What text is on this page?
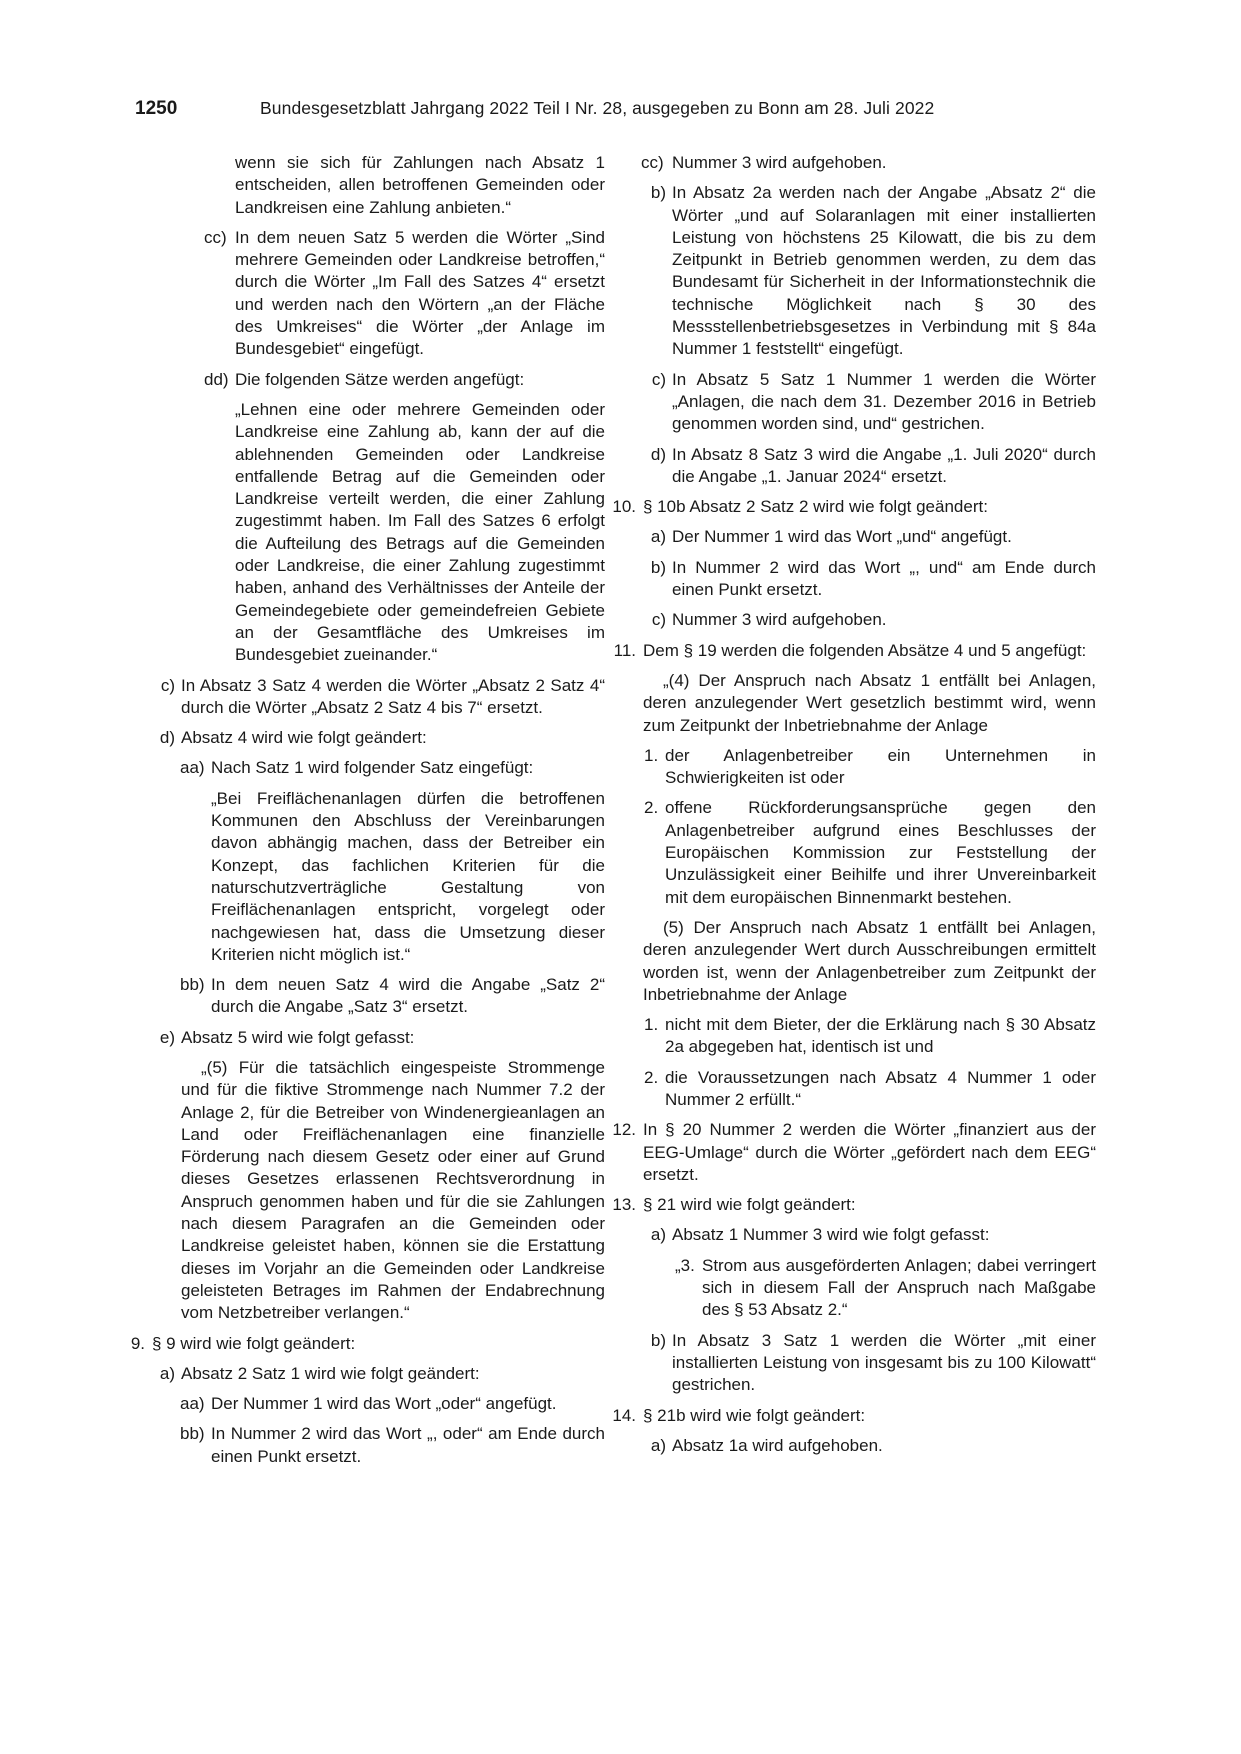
1250	Bundesgesetzblatt Jahrgang 2022 Teil I Nr. 28, ausgegeben zu Bonn am 28. Juli 2022
wenn sie sich für Zahlungen nach Absatz 1 entscheiden, allen betroffenen Gemeinden oder Landkreisen eine Zahlung anbieten.“
cc) In dem neuen Satz 5 werden die Wörter „Sind mehrere Gemeinden oder Landkreise betroffen,“ durch die Wörter „Im Fall des Satzes 4“ ersetzt und werden nach den Wörtern „an der Fläche des Umkreises“ die Wörter „der Anlage im Bundesgebiet“ eingefügt.
dd) Die folgenden Sätze werden angefügt:
„Lehnen eine oder mehrere Gemeinden oder Landkreise eine Zahlung ab, kann der auf die ablehnenden Gemeinden oder Landkreise entfallende Betrag auf die Gemeinden oder Landkreise verteilt werden, die einer Zahlung zugestimmt haben. Im Fall des Satzes 6 erfolgt die Aufteilung des Betrags auf die Gemeinden oder Landkreise, die einer Zahlung zugestimmt haben, anhand des Verhältnisses der Anteile der Gemeindegebiete oder gemeindefreien Gebiete an der Gesamtfläche des Umkreises im Bundesgebiet zueinander.“
c) In Absatz 3 Satz 4 werden die Wörter „Absatz 2 Satz 4“ durch die Wörter „Absatz 2 Satz 4 bis 7“ ersetzt.
d) Absatz 4 wird wie folgt geändert:
aa) Nach Satz 1 wird folgender Satz eingefügt:
„Bei Freiflächenanlagen dürfen die betroffenen Kommunen den Abschluss der Vereinbarungen davon abhängig machen, dass der Betreiber ein Konzept, das fachlichen Kriterien für die naturschutzverträgliche Gestaltung von Freiflächenanlagen entspricht, vorgelegt oder nachgewiesen hat, dass die Umsetzung dieser Kriterien nicht möglich ist.“
bb) In dem neuen Satz 4 wird die Angabe „Satz 2“ durch die Angabe „Satz 3“ ersetzt.
e) Absatz 5 wird wie folgt gefasst:
„(5) Für die tatsächlich eingespeiste Strommenge und für die fiktive Strommenge nach Nummer 7.2 der Anlage 2, für die Betreiber von Windenergieanlagen an Land oder Freiflächenanlagen eine finanzielle Förderung nach diesem Gesetz oder einer auf Grund dieses Gesetzes erlassenen Rechtsverordnung in Anspruch genommen haben und für die sie Zahlungen nach diesem Paragrafen an die Gemeinden oder Landkreise geleistet haben, können sie die Erstattung dieses im Vorjahr an die Gemeinden oder Landkreise geleisteten Betrages im Rahmen der Endabrechnung vom Netzbetreiber verlangen.“
9. § 9 wird wie folgt geändert:
a) Absatz 2 Satz 1 wird wie folgt geändert:
aa) Der Nummer 1 wird das Wort „oder“ angefügt.
bb) In Nummer 2 wird das Wort „, oder“ am Ende durch einen Punkt ersetzt.
cc) Nummer 3 wird aufgehoben.
b) In Absatz 2a werden nach der Angabe „Absatz 2“ die Wörter „und auf Solaranlagen mit einer installierten Leistung von höchstens 25 Kilowatt, die bis zu dem Zeitpunkt in Betrieb genommen werden, zu dem das Bundesamt für Sicherheit in der Informationstechnik die technische Möglichkeit nach § 30 des Messstellenbetriebsgesetzes in Verbindung mit § 84a Nummer 1 feststellt“ eingefügt.
c) In Absatz 5 Satz 1 Nummer 1 werden die Wörter „Anlagen, die nach dem 31. Dezember 2016 in Betrieb genommen worden sind, und“ gestrichen.
d) In Absatz 8 Satz 3 wird die Angabe „1. Juli 2020“ durch die Angabe „1. Januar 2024“ ersetzt.
10. § 10b Absatz 2 Satz 2 wird wie folgt geändert:
a) Der Nummer 1 wird das Wort „und“ angefügt.
b) In Nummer 2 wird das Wort „, und“ am Ende durch einen Punkt ersetzt.
c) Nummer 3 wird aufgehoben.
11. Dem § 19 werden die folgenden Absätze 4 und 5 angefügt:
„(4) Der Anspruch nach Absatz 1 entfällt bei Anlagen, deren anzulegender Wert gesetzlich bestimmt wird, wenn zum Zeitpunkt der Inbetriebnahme der Anlage
1. der Anlagenbetreiber ein Unternehmen in Schwierigkeiten ist oder
2. offene Rückforderungsansprüche gegen den Anlagenbetreiber aufgrund eines Beschlusses der Europäischen Kommission zur Feststellung der Unzulässigkeit einer Beihilfe und ihrer Unvereinbarkeit mit dem europäischen Binnenmarkt bestehen.
(5) Der Anspruch nach Absatz 1 entfällt bei Anlagen, deren anzulegender Wert durch Ausschreibungen ermittelt worden ist, wenn der Anlagenbetreiber zum Zeitpunkt der Inbetriebnahme der Anlage
1. nicht mit dem Bieter, der die Erklärung nach § 30 Absatz 2a abgegeben hat, identisch ist und
2. die Voraussetzungen nach Absatz 4 Nummer 1 oder Nummer 2 erfüllt.“
12. In § 20 Nummer 2 werden die Wörter „finanziert aus der EEG-Umlage“ durch die Wörter „gefördert nach dem EEG“ ersetzt.
13. § 21 wird wie folgt geändert:
a) Absatz 1 Nummer 3 wird wie folgt gefasst:
„3. Strom aus ausgeförderten Anlagen; dabei verringert sich in diesem Fall der Anspruch nach Maßgabe des § 53 Absatz 2.“
b) In Absatz 3 Satz 1 werden die Wörter „mit einer installierten Leistung von insgesamt bis zu 100 Kilowatt“ gestrichen.
14. § 21b wird wie folgt geändert:
a) Absatz 1a wird aufgehoben.
